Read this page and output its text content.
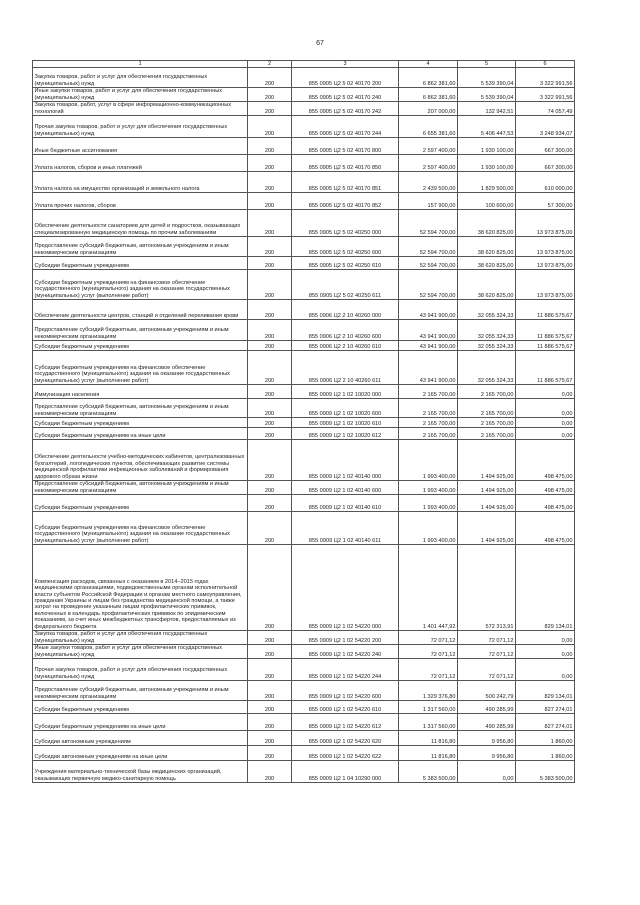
67
1	2	3	4	5	6
Закупка товаров, работ и услуг для обеспечения государственных (муниципальных) нужд	200	855 0905 Ц2 5 02 40170 200	6 862 381,60	5 539 390,04	3 322 991,56
Иные закупки товаров, работ и услуг для обеспечения государственных (муниципальных) нужд	200	855 0905 Ц2 5 02 40170 240	6 862 381,60	5 539 390,04	3 322 991,56
Закупка товаров, работ, услуг в сфере информационно-коммуникационных технологий	200	855 0905 Ц2 5 02 40170 242	207 000,00	132 942,51	74 057,49
Прочая закупка товаров, работ и услуг для обеспечения государственных (муниципальных) нужд	200	855 0905 Ц2 5 02 40170 244	6 655 381,60	5 406 447,53	3 248 934,07
Иные бюджетные ассигнования	200	855 0905 Ц2 5 02 40170 800	2 597 400,00	1 930 100,00	667 300,00
Уплата налогов, сборов и иных платежей	200	855 0905 Ц2 5 02 40170 850	2 597 400,00	1 930 100,00	667 300,00
Уплата налога на имущество организаций и земельного налога	200	855 0905 Ц2 5 02 40170 851	2 439 500,00	1 829 500,00	610 000,00
Уплата прочих налогов, сборов	200	855 0905 Ц2 5 02 40170 852	157 900,00	100 600,00	57 300,00
Обеспечение деятельности санаториев для детей и подростков, оказывающих специализированную медицинскую помощь по прочим заболеваниям	200	855 0905 Ц2 5 02 40250 000	52 594 700,00	38 620 825,00	13 973 875,00
Предоставление субсидий бюджетным, автономным учреждениям и иным некоммерческим организациям	200	855 0905 Ц2 5 02 40250 600	52 594 700,00	38 620 825,00	13 973 875,00
Субсидии бюджетным учреждениям	200	855 0905 Ц2 5 02 40250 610	52 594 700,00	38 620 825,00	13 973 875,00
Субсидии бюджетным учреждениям на финансовое обеспечение государственного (муниципального) задания на оказание государственных (муниципальных) услуг (выполнение работ)	200	855 0905 Ц2 5 02 40250 611	52 594 700,00	38 620 825,00	13 973 875,00
Обеспечение деятельности центров, станций и отделений переливания крови	200	855 0906 Ц2 2 10 40260 000	43 941 900,00	32 055 324,33	11 886 575,67
Предоставление субсидий бюджетным, автономным учреждениям и иным некоммерческим организациям	200	855 0906 Ц2 2 10 40260 600	43 941 900,00	32 055 324,33	11 886 575,67
Субсидии бюджетным учреждениям	200	855 0906 Ц2 2 10 40260 610	43 941 900,00	32 055 324,33	11 886 575,67
Субсидии бюджетным учреждениям на финансовое обеспечение государственного (муниципального) задания на оказание государственных (муниципальных) услуг (выполнение работ)	200	855 0906 Ц2 2 10 40260 611	43 941 900,00	32 055 324,33	11 886 575,67
Иммунизация населения	200	855 0909 Ц2 1 02 10020 000	2 165 700,00	2 165 700,00	0,00
Предоставление субсидий бюджетным, автономным учреждениям и иным некоммерческим организациям	200	855 0909 Ц2 1 02 10020 600	2 165 700,00	2 165 700,00	0,00
Субсидии бюджетным учреждениям	200	855 0909 Ц2 1 02 10020 610	2 165 700,00	2 165 700,00	0,00
Субсидии бюджетным учреждениям на иные цели	200	855 0909 Ц2 1 02 10020 612	2 165 700,00	2 165 700,00	0,00
Обеспечение деятельности учебно-методических кабинетов, централизованных бухгалтерий, логопедических пунктов, обеспечивающих развитие системы медицинской профилактики инфекционных заболеваний и формирования здорового образа жизни	200	855 0909 Ц2 1 02 40140 000	1 993 400,00	1 494 925,00	498 475,00
Предоставление субсидий бюджетным, автономным учреждениям и иным некоммерческим организациям	200	855 0909 Ц2 1 02 40140 600	1 993 400,00	1 494 925,00	498 475,00
Субсидии бюджетным учреждениям	200	855 0909 Ц2 1 02 40140 610	1 993 400,00	1 494 925,00	498 475,00
Субсидии бюджетным учреждениям на финансовое обеспечение государственного (муниципального) задания на оказание государственных (муниципальных) услуг (выполнение работ)	200	855 0909 Ц2 1 02 40140 611	1 993 400,00	1 494 925,00	498 475,00
Компенсация расходов, связанных с оказанием в 2014–2015 годах медицинскими организациями, подведомственными органам исполнительной власти субъектов Российской Федерации и органам местного самоуправления, гражданам Украины и лицам без гражданства медицинской помощи, а также затрат на проведение указанным лицам профилактических прививок, включенных в календарь профилактических прививок по эпидемическим показаниям, за счет иных межбюджетных трансфертов, предоставляемых из федерального бюджета	200	855 0909 Ц2 1 02 54220 000	1 401 447,92	572 313,91	829 134,01
Закупка товаров, работ и услуг для обеспечения государственных (муниципальных) нужд	200	855 0909 Ц2 1 02 54220 200	72 071,12	72 071,12	0,00
Иные закупки товаров, работ и услуг для обеспечения государственных (муниципальных) нужд	200	855 0909 Ц2 1 02 54220 240	72 071,12	72 071,12	0,00
Прочая закупка товаров, работ и услуг для обеспечения государственных (муниципальных) нужд	200	855 0909 Ц2 1 02 54220 244	72 071,12	72 071,12	0,00
Предоставление субсидий бюджетным, автономным учреждениям и иным некоммерческим организациям	200	855 0909 Ц2 1 02 54220 600	1 329 376,80	500 242,79	829 134,01
Субсидии бюджетным учреждениям	200	855 0909 Ц2 1 02 54220 610	1 317 560,00	490 285,99	827 274,01
Субсидии бюджетным учреждениям на иные цели	200	855 0909 Ц2 1 02 54220 612	1 317 560,00	490 285,99	827 274,01
Субсидии автономным учреждениям	200	855 0909 Ц2 1 02 54220 620	11 816,80	9 956,80	1 860,00
Субсидии автономным учреждениям на иные цели	200	855 0909 Ц2 1 02 54220 622	11 816,80	9 956,80	1 860,00
Учреждения материально-технической базы медицинских организаций, оказывающих первичную медико-санитарную помощь	200	855 0909 Ц2 1 04 10290 000	5 383 500,00	0,00	5 383 500,00
